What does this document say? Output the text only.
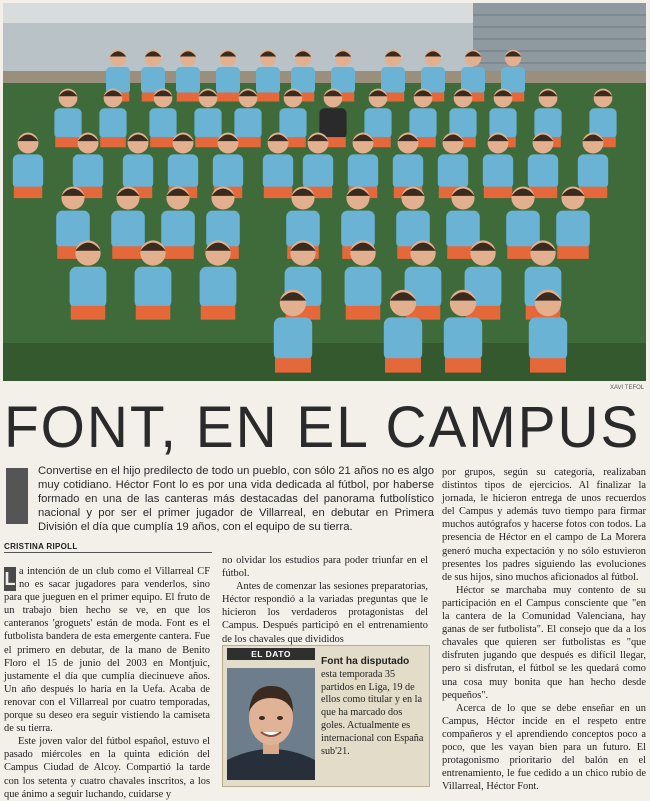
XAVI TEFOL
FONT, EN EL CAMPUS
Convertise en el hijo predilecto de todo un pueblo, con sólo 21 años no es algo muy cotidiano. Héctor Font lo es por una vida dedicada al fútbol, por haberse formado en una de las canteras más destacadas del panorama futbolístico nacional y por ser el primer jugador de Villarreal, en debutar en Primera División el día que cumplía 19 años, con el equipo de su tierra.
CRISTINA RIPOLL

L a intención de un club como el Villarreal CF no es sacar jugadores para venderlos, sino para que jueguen en el primer equipo. El fruto de un trabajo bien hecho se ve, en que los canteranos 'groguets' están de moda. Font es el futbolista bandera de esta emergente cantera. Fue el primero en debutar, de la mano de Benito Floro el 15 de junio del 2003 en Montjuic, justamente el día que cumplía diecinueve años. Un año después lo haría en la Uefa. Acaba de renovar con el Villarreal por cuatro temporadas, porque su deseo era seguir vistiendo la camiseta de su tierra.

Este joven valor del fútbol español, estuvo el pasado miércoles en la quinta edición del Campus Ciudad de Alcoy. Compartió la tarde con los setenta y cuatro chavales inscritos, a los que ánimo a seguir luchando, cuidarse y

no olvidar los estudios para poder triunfar en el fútbol.

Antes de comenzar las sesiones preparatorias, Héctor respondió a la variadas preguntas que le hicieron los verdaderos protagonistas del Campus. Después participó en el entrenamiento de los chavales que divididos

EL DATO
Font ha disputado esta temporada 35 partidos en Liga, 19 de ellos como titular y en la que ha marcado dos goles. Actualmente es internacional con España sub'21.

por grupos, según su categoría, realizaban distintos tipos de ejercicios. Al finalizar la jornada, le hicieron entrega de unos recuerdos del Campus y además tuvo tiempo para firmar muchos autógrafos y hacerse fotos con todos. La presencia de Héctor en el campo de La Morera generó mucha expectación y no sólo estuvieron presentes los padres siguiendo las evoluciones de sus hijos, sino muchos aficionados al fútbol.

Héctor se marchaba muy contento de su participación en el Campus consciente que "en la cantera de la Comunidad Valenciana, hay ganas de ser futbolista". El consejo que da a los chavales que quieren ser futbolistas es "que disfruten jugando que después es difícil llegar, pero si disfrutan, el fútbol se les quedará como una cosa muy bonita que han hecho desde pequeños".

Acerca de lo que se debe enseñar en un Campus, Héctor incide en el respeto entre compañeros y el aprendiendo conceptos poco a poco, que les vayan bien para un futuro. El protagonismo prioritario del balón en el entrenamiento, le fue cedido a un chico rubio de Villarreal, Héctor Font.
